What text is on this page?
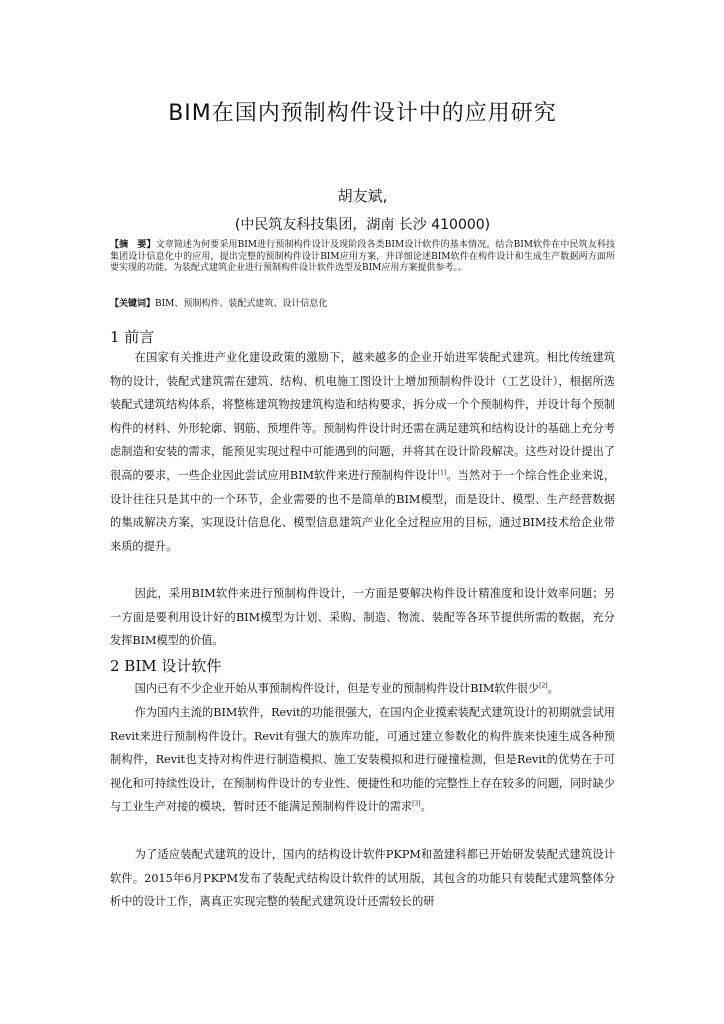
BIM在国内预制构件设计中的应用研究

胡友斌,

(中民筑友科技集团，湖南 长沙 410000)

【摘　要】文章简述为何要采用BIM进行预制构件设计及现阶段各类BIM设计软件的基本情况。结合BIM软件在中民筑友科技集团设计信息化中的应用，提出完整的预制构件设计BIM应用方案，并详细论述BIM软件在构件设计和生成生产数据两方面所要实现的功能。为装配式建筑企业进行预制构件设计软件选型及BIM应用方案提供参考。。

【关键词】BIM、预制构件、装配式建筑、设计信息化

1 前言

在国家有关推进产业化建设政策的激励下，越来越多的企业开始进军装配式建筑。相比传统建筑物的设计，装配式建筑需在建筑、结构、机电施工图设计上增加预制构件设计（工艺设计），根据所选装配式建筑结构体系，将整栋建筑物按建筑构造和结构要求，拆分成一个个预制构件，并设计每个预制构件的材料、外形轮廓、钢筋、预埋件等。预制构件设计时还需在满足建筑和结构设计的基础上充分考虑制造和安装的需求，能预见实现过程中可能遇到的问题，并将其在设计阶段解决。这些对设计提出了很高的要求，一些企业因此尝试应用BIM软件来进行预制构件设计[1]。当然对于一个综合性企业来说，设计往往只是其中的一个环节，企业需要的也不是简单的BIM模型，而是设计、模型、生产经营数据的集成解决方案，实现设计信息化、模型信息建筑产业化全过程应用的目标，通过BIM技术给企业带来质的提升。

因此，采用BIM软件来进行预制构件设计，一方面是要解决构件设计精准度和设计效率问题；另一方面是要利用设计好的BIM模型为计划、采购、制造、物流、装配等各环节提供所需的数据，充分发挥BIM模型的价值。

2 BIM 设计软件

国内已有不少企业开始从事预制构件设计，但是专业的预制构件设计BIM软件很少[2]。

作为国内主流的BIM软件，Revit的功能很强大，在国内企业摸索装配式建筑设计的初期就尝试用Revit来进行预制构件设计。Revit有强大的族库功能，可通过建立参数化的构件族来快速生成各种预制构件，Revit也支持对构件进行制造模拟、施工安装模拟和进行碰撞检测，但是Revit的优势在于可视化和可持续性设计，在预制构件设计的专业性、便捷性和功能的完整性上存在较多的问题，同时缺少与工业生产对接的模块，暂时还不能满足预制构件设计的需求[3]。

为了适应装配式建筑的设计，国内的结构设计软件PKPM和盈建科都已开始研发装配式建筑设计软件。2015年6月PKPM发布了装配式结构设计软件的试用版，其包含的功能只有装配式建筑整体分析中的设计工作，离真正实现完整的装配式建筑设计还需较长的研
